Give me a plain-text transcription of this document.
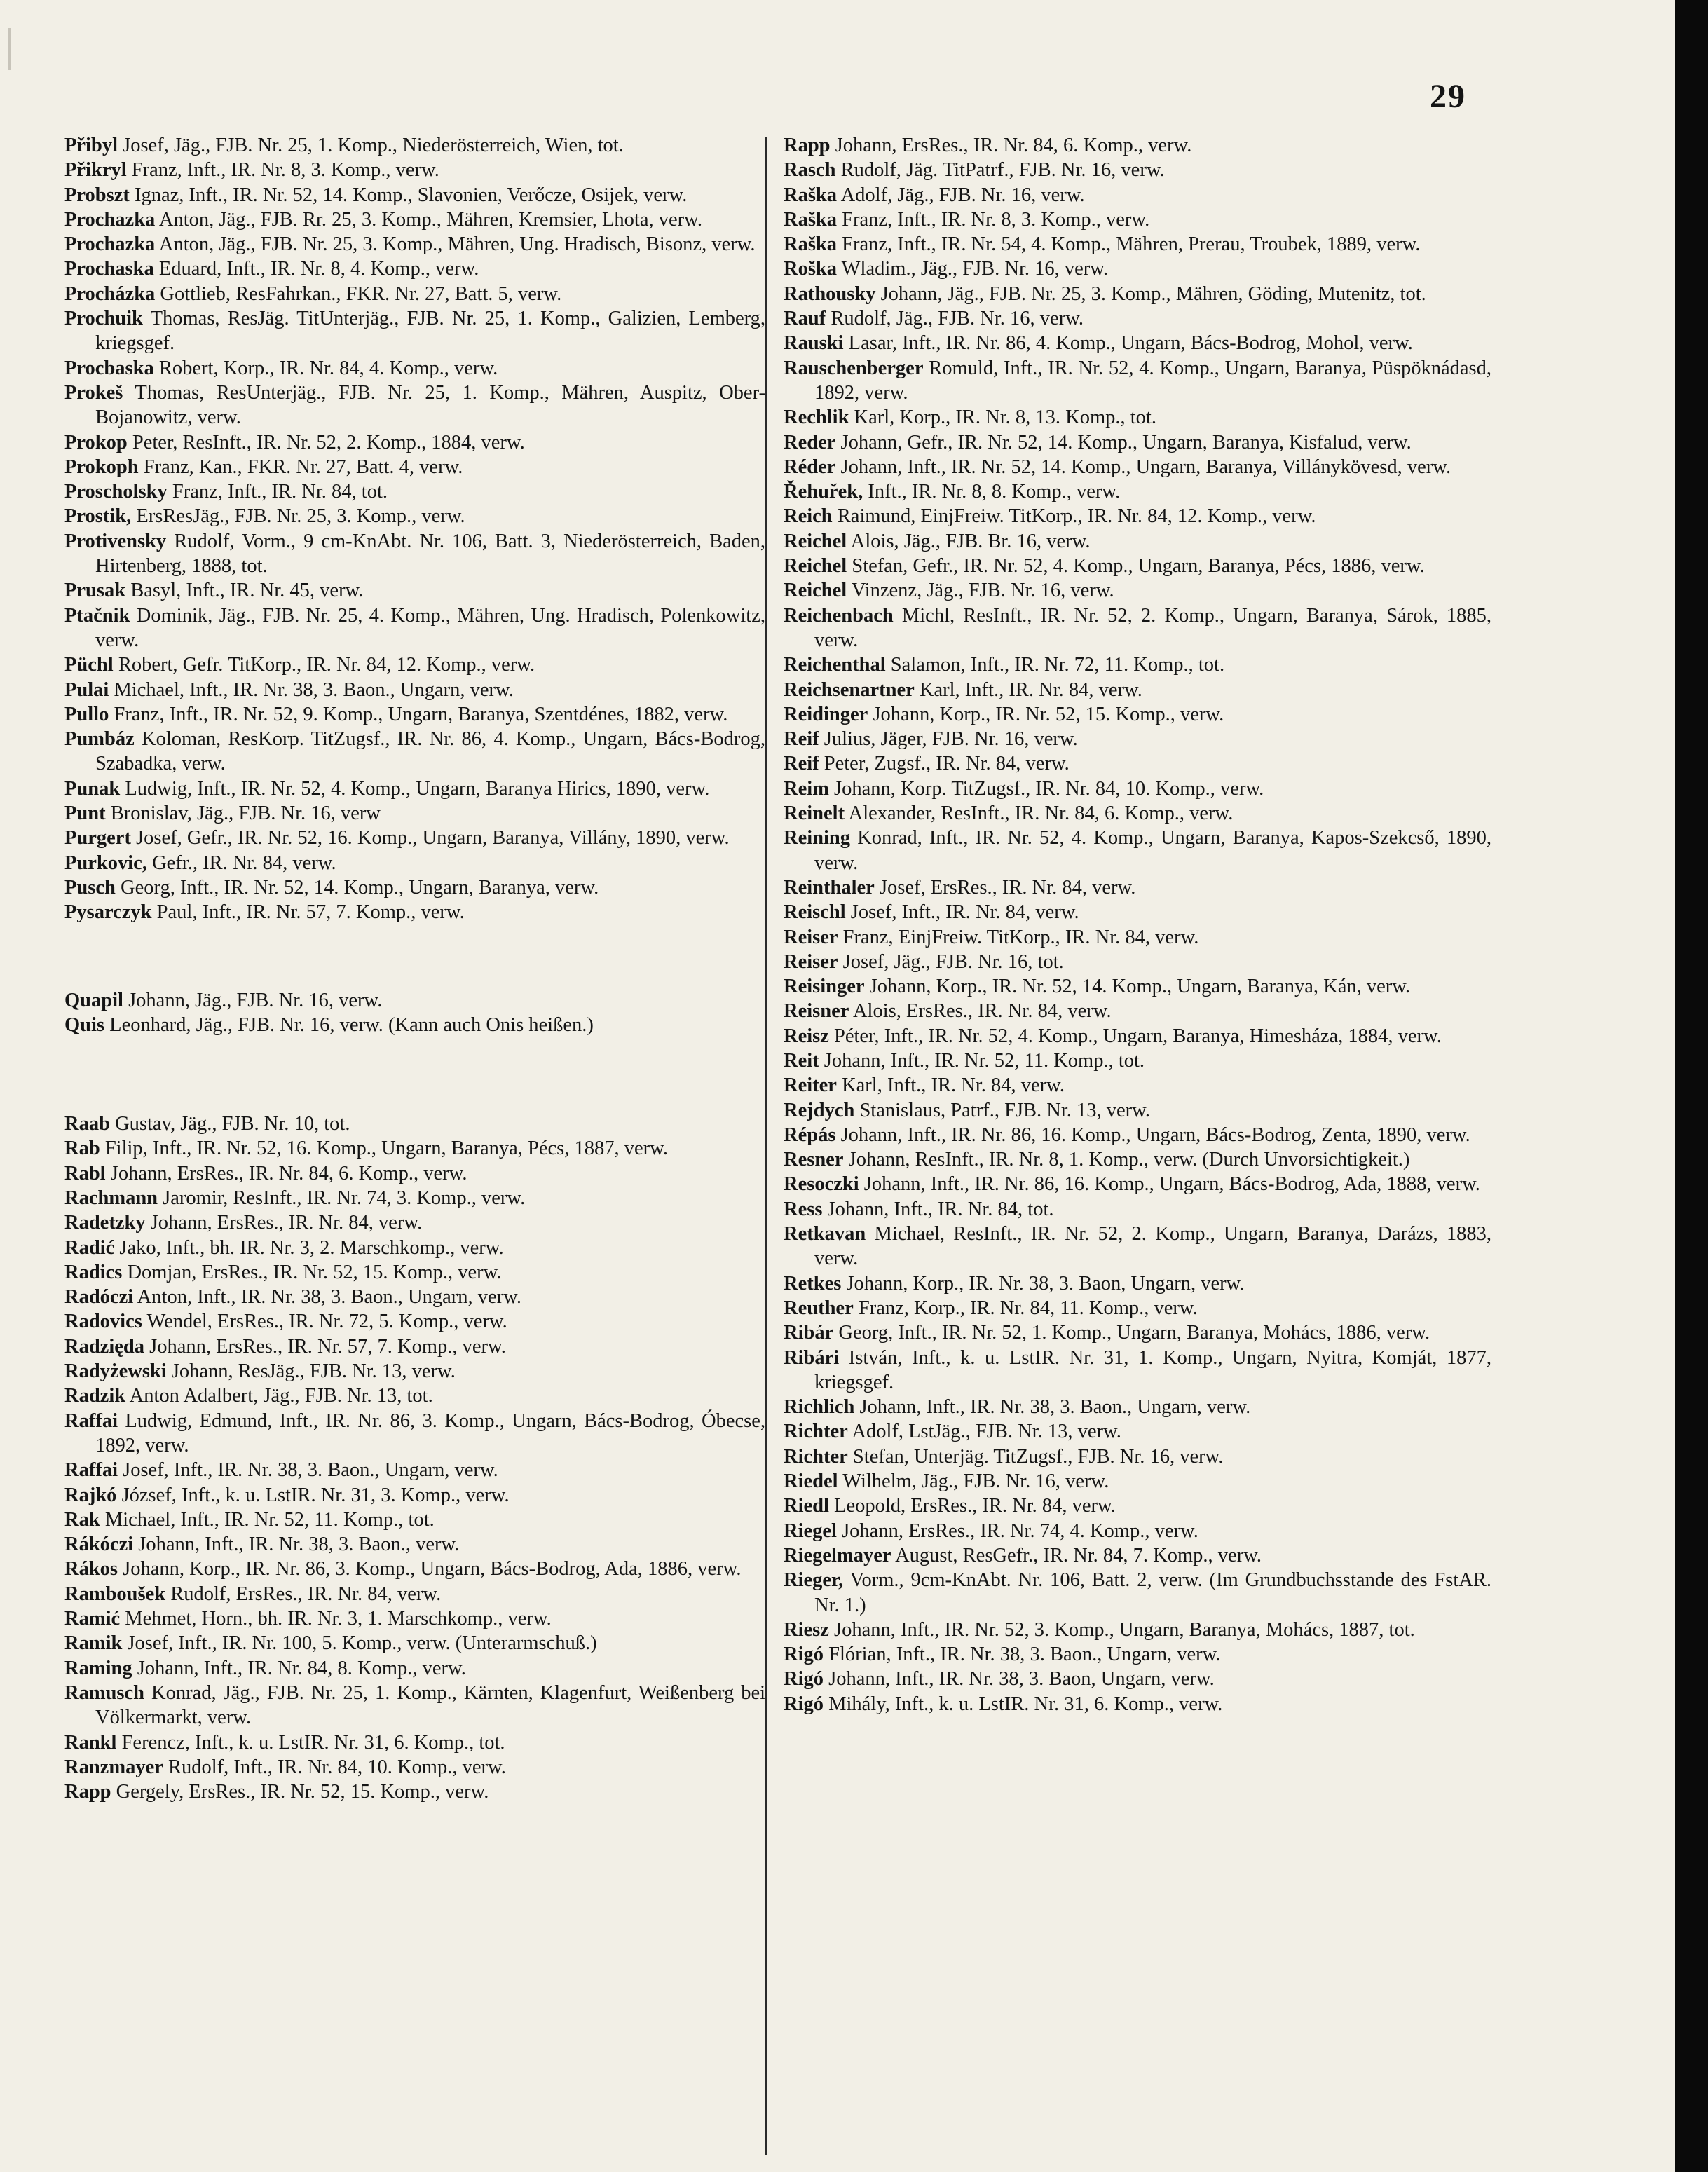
29

Přibyl Josef, Jäg., FJB. Nr. 25, 1. Komp., Niederösterreich, Wien, tot.

Přikryl Franz, Inft., IR. Nr. 8, 3. Komp., verw.

Probszt Ignaz, Inft., IR. Nr. 52, 14. Komp., Slavonien, Verőcze, Osijek, verw.

Prochazka Anton, Jäg., FJB. Rr. 25, 3. Komp., Mähren, Kremsier, Lhota, verw.

Prochazka Anton, Jäg., FJB. Nr. 25, 3. Komp., Mähren, Ung. Hradisch, Bisonz, verw.

Prochaska Eduard, Inft., IR. Nr. 8, 4. Komp., verw.

Procházka Gottlieb, ResFahrkan., FKR. Nr. 27, Batt. 5, verw.

Prochuik Thomas, ResJäg. TitUnterjäg., FJB. Nr. 25, 1. Komp., Galizien, Lemberg, kriegsgef.

Procbaska Robert, Korp., IR. Nr. 84, 4. Komp., verw.

Prokeš Thomas, ResUnterjäg., FJB. Nr. 25, 1. Komp., Mähren, Auspitz, Ober-Bojanowitz, verw.

Prokop Peter, ResInft., IR. Nr. 52, 2. Komp., 1884, verw.

Prokoph Franz, Kan., FKR. Nr. 27, Batt. 4, verw.

Proscholsky Franz, Inft., IR. Nr. 84, tot.

Prostik, ErsResJäg., FJB. Nr. 25, 3. Komp., verw.

Protivensky Rudolf, Vorm., 9 cm-KnAbt. Nr. 106, Batt. 3, Niederösterreich, Baden, Hirtenberg, 1888, tot.

Prusak Basyl, Inft., IR. Nr. 45, verw.

Ptačnik Dominik, Jäg., FJB. Nr. 25, 4. Komp., Mähren, Ung. Hradisch, Polenkowitz, verw.

Püchl Robert, Gefr. TitKorp., IR. Nr. 84, 12. Komp., verw.

Pulai Michael, Inft., IR. Nr. 38, 3. Baon., Ungarn, verw.

Pullo Franz, Inft., IR. Nr. 52, 9. Komp., Ungarn, Baranya, Szentdénes, 1882, verw.

Pumbáz Koloman, ResKorp. TitZugsf., IR. Nr. 86, 4. Komp., Ungarn, Bács-Bodrog, Szabadka, verw.

Punak Ludwig, Inft., IR. Nr. 52, 4. Komp., Ungarn, Baranya Hirics, 1890, verw.

Punt Bronislav, Jäg., FJB. Nr. 16, verw

Purgert Josef, Gefr., IR. Nr. 52, 16. Komp., Ungarn, Baranya, Villány, 1890, verw.

Purkovic, Gefr., IR. Nr. 84, verw.

Pusch Georg, Inft., IR. Nr. 52, 14. Komp., Ungarn, Baranya, verw.

Pysarczyk Paul, Inft., IR. Nr. 57, 7. Komp., verw.

Quapil Johann, Jäg., FJB. Nr. 16, verw.

Quis Leonhard, Jäg., FJB. Nr. 16, verw. (Kann auch Onis heißen.)

Raab Gustav, Jäg., FJB. Nr. 10, tot.

Rab Filip, Inft., IR. Nr. 52, 16. Komp., Ungarn, Baranya, Pécs, 1887, verw.

Rabl Johann, ErsRes., IR. Nr. 84, 6. Komp., verw.

Rachmann Jaromir, ResInft., IR. Nr. 74, 3. Komp., verw.

Radetzky Johann, ErsRes., IR. Nr. 84, verw.

Radić Jako, Inft., bh. IR. Nr. 3, 2. Marschkomp., verw.

Radics Domjan, ErsRes., IR. Nr. 52, 15. Komp., verw.

Radóczi Anton, Inft., IR. Nr. 38, 3. Baon., Ungarn, verw.

Radovics Wendel, ErsRes., IR. Nr. 72, 5. Komp., verw.

Radzięda Johann, ErsRes., IR. Nr. 57, 7. Komp., verw.

Radyżewski Johann, ResJäg., FJB. Nr. 13, verw.

Radzik Anton Adalbert, Jäg., FJB. Nr. 13, tot.

Raffai Ludwig, Edmund, Inft., IR. Nr. 86, 3. Komp., Ungarn, Bács-Bodrog, Óbecse, 1892, verw.

Raffai Josef, Inft., IR. Nr. 38, 3. Baon., Ungarn, verw.

Rajkó József, Inft., k. u. LstIR. Nr. 31, 3. Komp., verw.

Rak Michael, Inft., IR. Nr. 52, 11. Komp., tot.

Rákóczi Johann, Inft., IR. Nr. 38, 3. Baon., verw.

Rákos Johann, Korp., IR. Nr. 86, 3. Komp., Ungarn, Bács-Bodrog, Ada, 1886, verw.

Ramboušek Rudolf, ErsRes., IR. Nr. 84, verw.

Ramić Mehmet, Horn., bh. IR. Nr. 3, 1. Marschkomp., verw.

Ramik Josef, Inft., IR. Nr. 100, 5. Komp., verw. (Unterarmschuß.)

Raming Johann, Inft., IR. Nr. 84, 8. Komp., verw.

Ramusch Konrad, Jäg., FJB. Nr. 25, 1. Komp., Kärnten, Klagenfurt, Weißenberg bei Völkermarkt, verw.

Rankl Ferencz, Inft., k. u. LstIR. Nr. 31, 6. Komp., tot.

Ranzmayer Rudolf, Inft., IR. Nr. 84, 10. Komp., verw.

Rapp Gergely, ErsRes., IR. Nr. 52, 15. Komp., verw.

Rapp Johann, ErsRes., IR. Nr. 84, 6. Komp., verw.

Rasch Rudolf, Jäg. TitPatrf., FJB. Nr. 16, verw.

Raška Adolf, Jäg., FJB. Nr. 16, verw.

Raška Franz, Inft., IR. Nr. 8, 3. Komp., verw.

Raška Franz, Inft., IR. Nr. 54, 4. Komp., Mähren, Prerau, Troubek, 1889, verw.

Roška Wladim., Jäg., FJB. Nr. 16, verw.

Rathousky Johann, Jäg., FJB. Nr. 25, 3. Komp., Mähren, Göding, Mutenitz, tot.

Rauf Rudolf, Jäg., FJB. Nr. 16, verw.

Rauski Lasar, Inft., IR. Nr. 86, 4. Komp., Ungarn, Bács-Bodrog, Mohol, verw.

Rauschenberger Romuld, Inft., IR. Nr. 52, 4. Komp., Ungarn, Baranya, Püspöknádasd, 1892, verw.

Rechlik Karl, Korp., IR. Nr. 8, 13. Komp., tot.

Reder Johann, Gefr., IR. Nr. 52, 14. Komp., Ungarn, Baranya, Kisfalud, verw.

Réder Johann, Inft., IR. Nr. 52, 14. Komp., Ungarn, Baranya, Villánykövesd, verw.

Řehuřek, Inft., IR. Nr. 8, 8. Komp., verw.

Reich Raimund, EinjFreiw. TitKorp., IR. Nr. 84, 12. Komp., verw.

Reichel Alois, Jäg., FJB. Br. 16, verw.

Reichel Stefan, Gefr., IR. Nr. 52, 4. Komp., Ungarn, Baranya, Pécs, 1886, verw.

Reichel Vinzenz, Jäg., FJB. Nr. 16, verw.

Reichenbach Michl, ResInft., IR. Nr. 52, 2. Komp., Ungarn, Baranya, Sárok, 1885, verw.

Reichenthal Salamon, Inft., IR. Nr. 72, 11. Komp., tot.

Reichsenartner Karl, Inft., IR. Nr. 84, verw.

Reidinger Johann, Korp., IR. Nr. 52, 15. Komp., verw.

Reif Julius, Jäger, FJB. Nr. 16, verw.

Reif Peter, Zugsf., IR. Nr. 84, verw.

Reim Johann, Korp. TitZugsf., IR. Nr. 84, 10. Komp., verw.

Reinelt Alexander, ResInft., IR. Nr. 84, 6. Komp., verw.

Reining Konrad, Inft., IR. Nr. 52, 4. Komp., Ungarn, Baranya, Kapos-Szekcső, 1890, verw.

Reinthaler Josef, ErsRes., IR. Nr. 84, verw.

Reischl Josef, Inft., IR. Nr. 84, verw.

Reiser Franz, EinjFreiw. TitKorp., IR. Nr. 84, verw.

Reiser Josef, Jäg., FJB. Nr. 16, tot.

Reisinger Johann, Korp., IR. Nr. 52, 14. Komp., Ungarn, Baranya, Kán, verw.

Reisner Alois, ErsRes., IR. Nr. 84, verw.

Reisz Péter, Inft., IR. Nr. 52, 4. Komp., Ungarn, Baranya, Himesháza, 1884, verw.

Reit Johann, Inft., IR. Nr. 52, 11. Komp., tot.

Reiter Karl, Inft., IR. Nr. 84, verw.

Rejdych Stanislaus, Patrf., FJB. Nr. 13, verw.

Répás Johann, Inft., IR. Nr. 86, 16. Komp., Ungarn, Bács-Bodrog, Zenta, 1890, verw.

Resner Johann, ResInft., IR. Nr. 8, 1. Komp., verw. (Durch Unvorsichtigkeit.)

Resoczki Johann, Inft., IR. Nr. 86, 16. Komp., Ungarn, Bács-Bodrog, Ada, 1888, verw.

Ress Johann, Inft., IR. Nr. 84, tot.

Retkavan Michael, ResInft., IR. Nr. 52, 2. Komp., Ungarn, Baranya, Darázs, 1883, verw.

Retkes Johann, Korp., IR. Nr. 38, 3. Baon, Ungarn, verw.

Reuther Franz, Korp., IR. Nr. 84, 11. Komp., verw.

Ribár Georg, Inft., IR. Nr. 52, 1. Komp., Ungarn, Baranya, Mohács, 1886, verw.

Ribári István, Inft., k. u. LstIR. Nr. 31, 1. Komp., Ungarn, Nyitra, Komját, 1877, kriegsgef.

Richlich Johann, Inft., IR. Nr. 38, 3. Baon., Ungarn, verw.

Richter Adolf, LstJäg., FJB. Nr. 13, verw.

Richter Stefan, Unterjäg. TitZugsf., FJB. Nr. 16, verw.

Riedel Wilhelm, Jäg., FJB. Nr. 16, verw.

Riedl Leopold, ErsRes., IR. Nr. 84, verw.

Riegel Johann, ErsRes., IR. Nr. 74, 4. Komp., verw.

Riegelmayer August, ResGefr., IR. Nr. 84, 7. Komp., verw.

Rieger, Vorm., 9cm-KnAbt. Nr. 106, Batt. 2, verw. (Im Grundbuchsstande des FstAR. Nr. 1.)

Riesz Johann, Inft., IR. Nr. 52, 3. Komp., Ungarn, Baranya, Mohács, 1887, tot.

Rigó Flórian, Inft., IR. Nr. 38, 3. Baon., Ungarn, verw.

Rigó Johann, Inft., IR. Nr. 38, 3. Baon, Ungarn, verw.

Rigó Mihály, Inft., k. u. LstIR. Nr. 31, 6. Komp., verw.
